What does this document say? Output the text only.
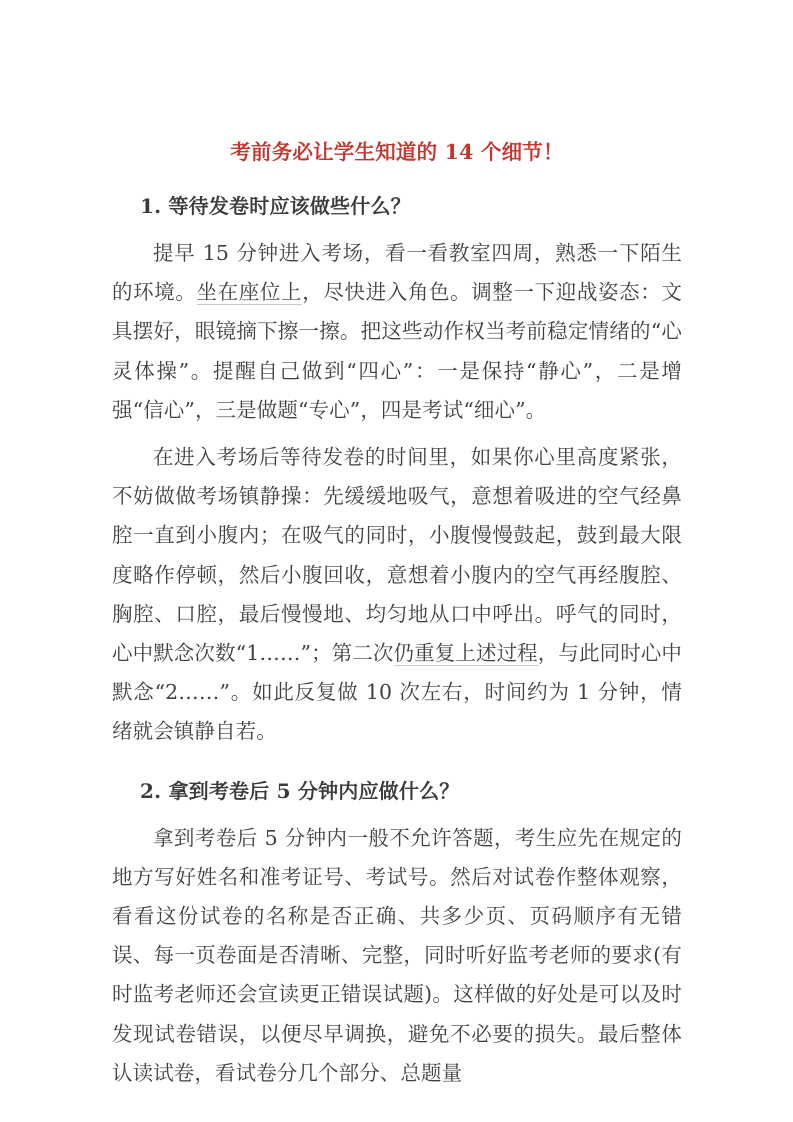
考前务必让学生知道的 14 个细节！
1. 等待发卷时应该做些什么？

提早 15 分钟进入考场，看一看教室四周，熟悉一下陌生的环境。坐在座位上，尽快进入角色。调整一下迎战姿态：文具摆好，眼镜摘下擦一擦。把这些动作权当考前稳定情绪的“心灵体操”。提醒自己做到“四心”：一是保持“静心”，二是增强“信心”，三是做题“专心”，四是考试“细心”。

在进入考场后等待发卷的时间里，如果你心里高度紧张，不妨做做考场镇静操：先缓缓地吸气，意想着吸进的空气经鼻腔一直到小腹内；在吸气的同时，小腹慢慢鼓起，鼓到最大限度略作停顿，然后小腹回收，意想着小腹内的空气再经腹腔、胸腔、口腔，最后慢慢地、均匀地从口中呼出。呼气的同时，心中默念次数“1……”；第二次仍重复上述过程，与此同时心中默念“2……”。如此反复做 10 次左右，时间约为 1 分钟，情绪就会镇静自若。

2. 拿到考卷后 5 分钟内应做什么？

拿到考卷后 5 分钟内一般不允许答题，考生应先在规定的地方写好姓名和准考证号、考试号。然后对试卷作整体观察，看看这份试卷的名称是否正确、共多少页、页码顺序有无错误、每一页卷面是否清晰、完整，同时听好监考老师的要求(有时监考老师还会宣读更正错误试题)。这样做的好处是可以及时发现试卷错误，以便尽早调换，避免不必要的损失。最后整体认读试卷，看试卷分几个部分、总题量
